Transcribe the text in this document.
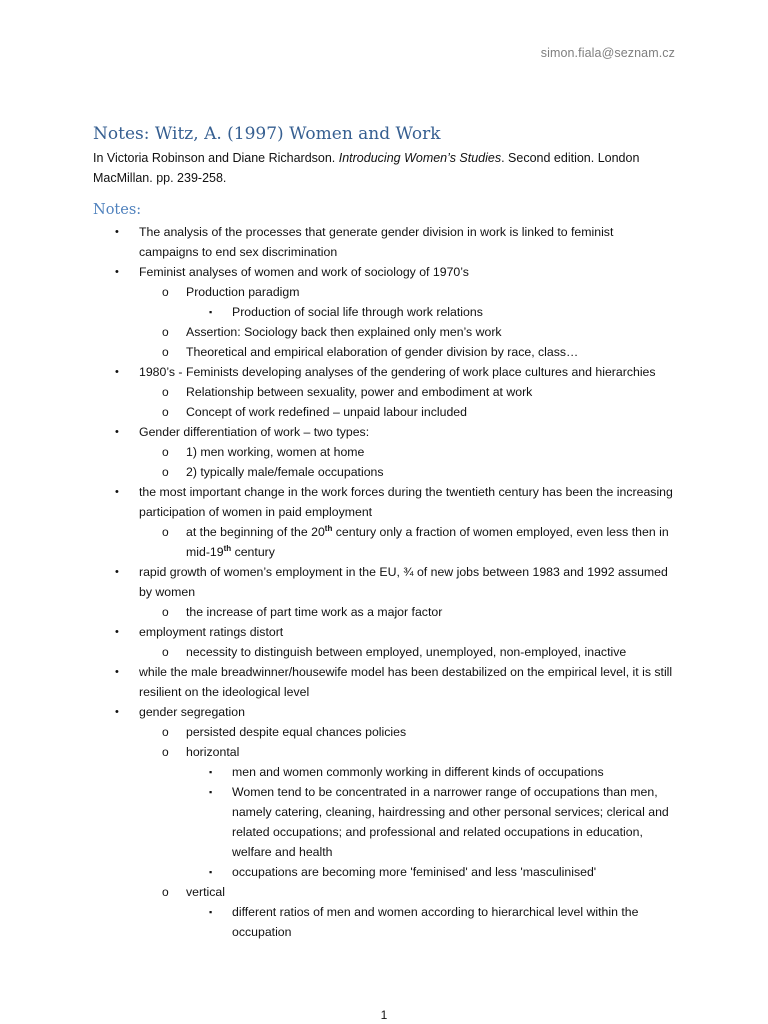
simon.fiala@seznam.cz
Notes: Witz, A. (1997) Women and Work

In Victoria Robinson and Diane Richardson. Introducing Women’s Studies. Second edition. London MacMillan. pp. 239-258.

Notes:
• The analysis of the processes that generate gender division in work is linked to feminist campaigns to end sex discrimination
• Feminist analyses of women and work of sociology of 1970’s
o Production paradigm
▪ Production of social life through work relations
o Assertion: Sociology back then explained only men’s work
o Theoretical and empirical elaboration of gender division by race, class…
• 1980’s - Feminists developing analyses of the gendering of work place cultures and hierarchies
o Relationship between sexuality, power and embodiment at work
o Concept of work redefined – unpaid labour included
• Gender differentiation of work – two types:
o 1) men working, women at home
o 2) typically male/female occupations
• the most important change in the work forces during the twentieth century has been the increasing participation of women in paid employment
o at the beginning of the 20th century only a fraction of women employed, even less then in mid-19th century
• rapid growth of women’s employment in the EU, ¾ of new jobs between 1983 and 1992 assumed by women
o the increase of part time work as a major factor
• employment ratings distort
o necessity to distinguish between employed, unemployed, non-employed, inactive
• while the male breadwinner/housewife model has been destabilized on the empirical level, it is still resilient on the ideological level
• gender segregation
o persisted despite equal chances policies
o horizontal
▪ men and women commonly working in different kinds of occupations
▪ Women tend to be concentrated in a narrower range of occupations than men, namely catering, cleaning, hairdressing and other personal services; clerical and related occupations; and professional and related occupations in education, welfare and health
▪ occupations are becoming more 'feminised' and less 'masculinised'
o vertical
▪ different ratios of men and women according to hierarchical level within the occupation
1
